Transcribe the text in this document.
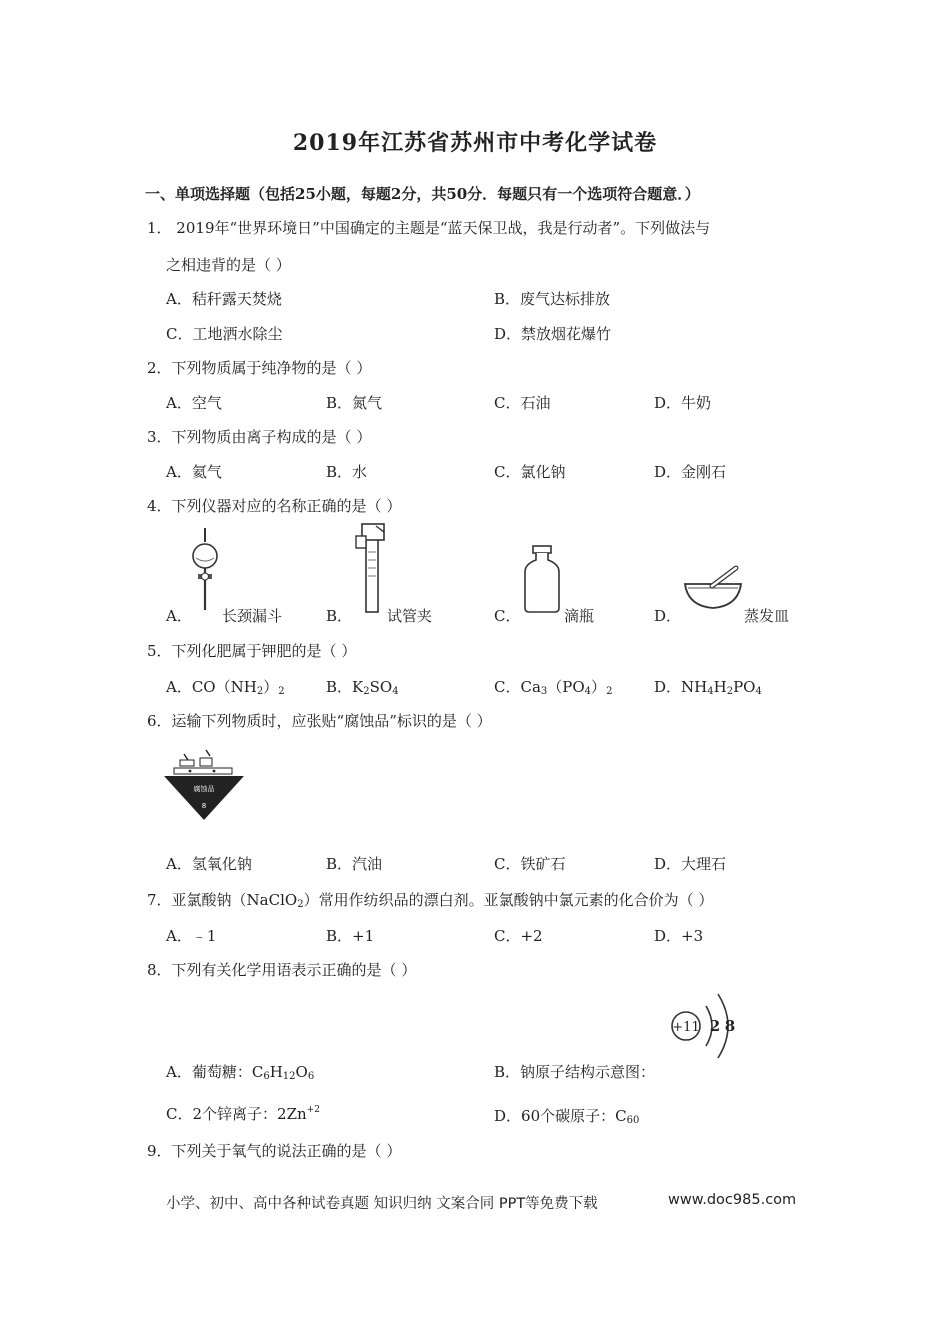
2019年江苏省苏州市中考化学试卷
一、单项选择题（包括25小题，每题2分，共50分．每题只有一个选项符合题意．）
1． 2019年“世界环境日”中国确定的主题是“蓝天保卫战，我是行动者”。下列做法与
之相违背的是（ ）
A．秸秆露天焚烧	B．废气达标排放
C．工地洒水除尘	D．禁放烟花爆竹
2．下列物质属于纯净物的是（ ）
A．空气	B．氮气	C．石油	D．牛奶
3．下列物质由离子构成的是（ ）
A．氦气	B．水	C．氯化钠	D．金刚石
4．下列仪器对应的名称正确的是（ ）
A． 长颈漏斗	B． 试管夹	C．	滴瓶	D．	蒸发皿
5．下列化肥属于钾肥的是（ ）
A．$CO(NH_2)_2$	B．$K_2SO_4$	C．$Ca_3(PO_4)_2$	D．$NH_4H_2PO_4$
6．运输下列物质时，应张贴“腐蚀品”标识的是（ ）
腐蚀品
8
A．氢氧化钠	B．汽油	C．铁矿石	D．大理石
7．亚氯酸钠（NaClO$_2$）常用作纺织品的漂白剂。亚氯酸钠中氯元素的化合价为（ ）
A．﹣1	B．+1	C．+2	D．+3
8．下列有关化学用语表示正确的是（ ）
+11 2 8
A．葡萄糖：$C_6H_{12}O_6$	B．钠原子结构示意图：
C．2个锌离子：$2Zn^{+2}$	D．60个碳原子：$C_{60}$
9．下列关于氧气的说法正确的是（ ）
小学、初中、高中各种试卷真题 知识归纳 文案合同 PPT等免费下载	www.doc985.com
